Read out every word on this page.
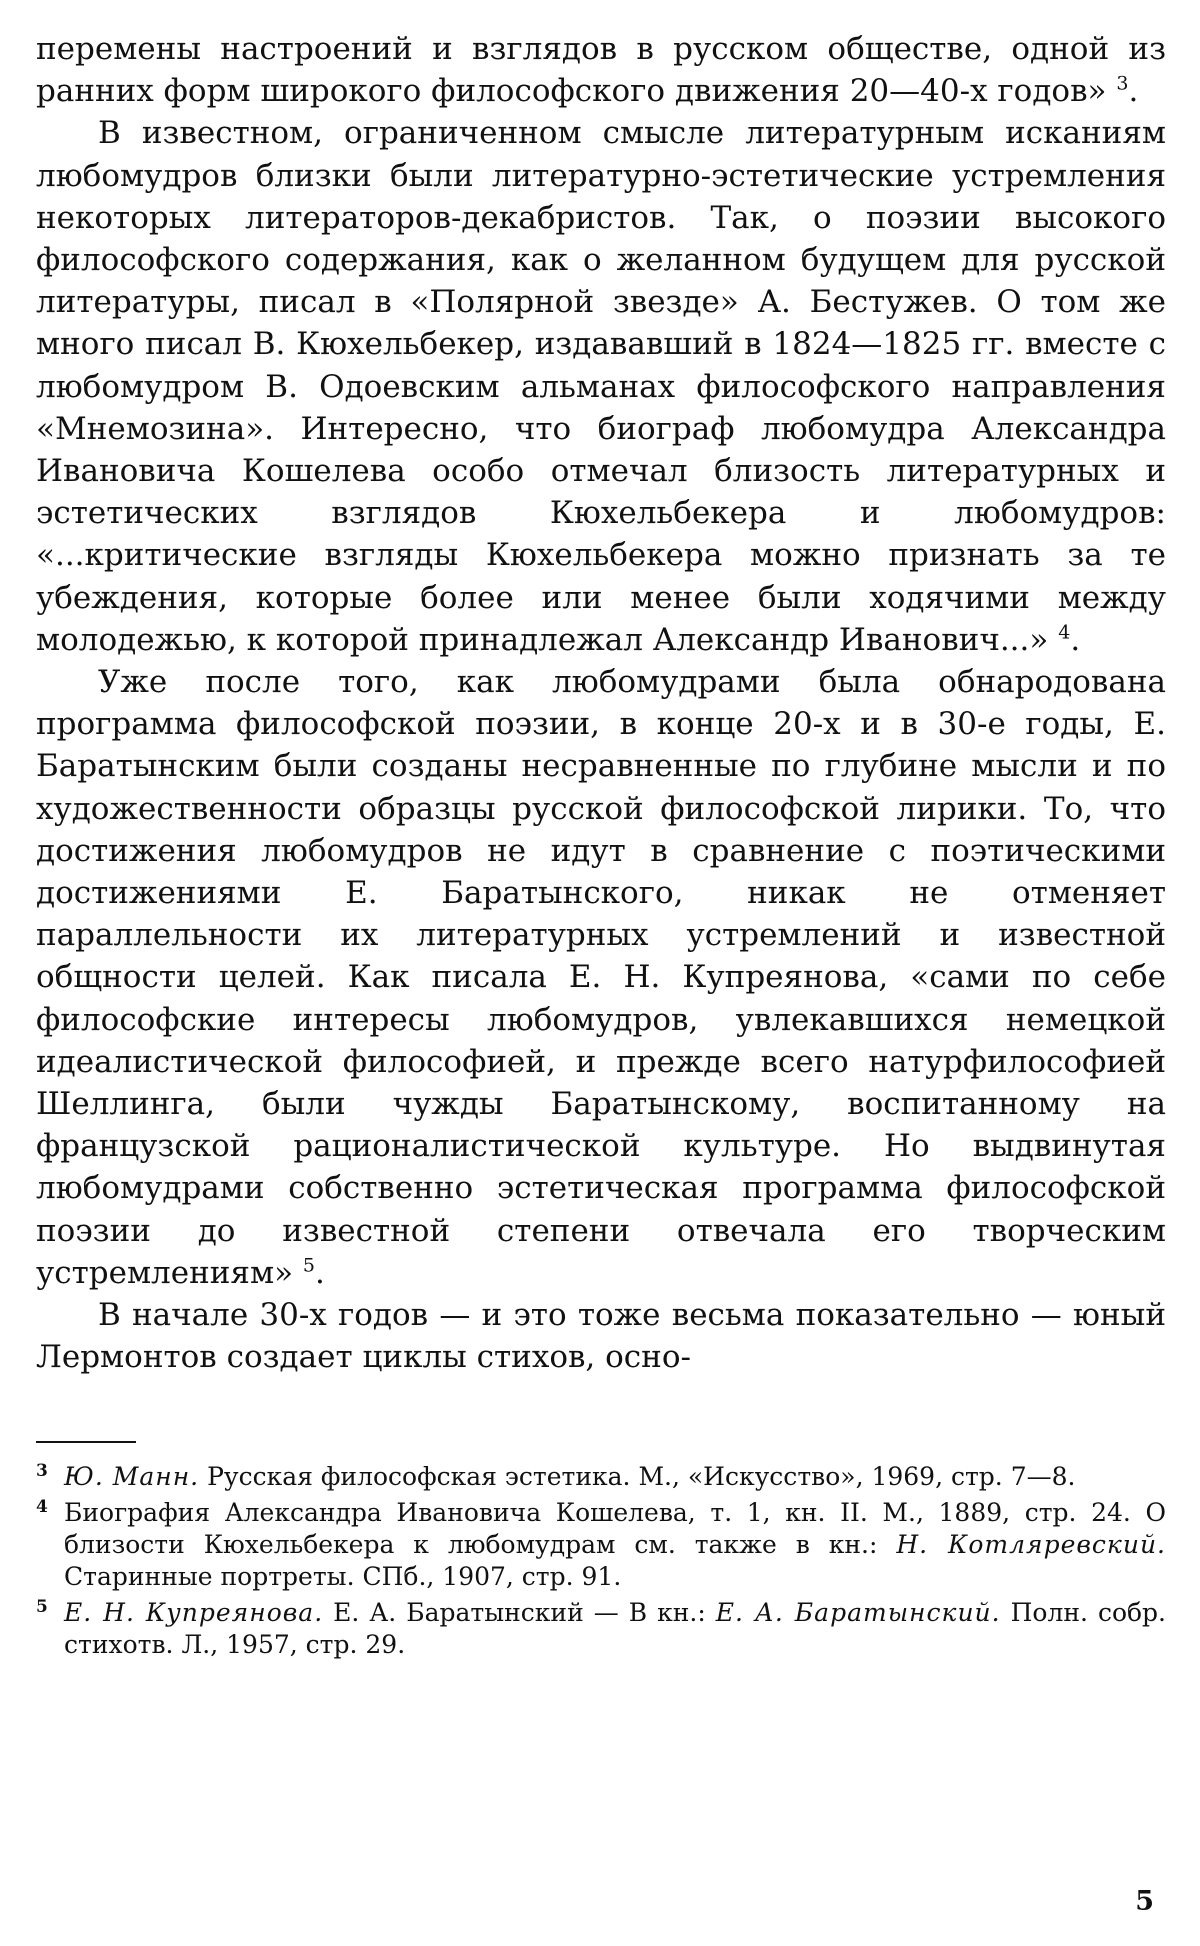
перемены настроений и взглядов в русском обществе, одной из ранних форм широкого философского движения 20—40-х годов» $^3$.

В известном, ограниченном смысле литературным исканиям любомудров близки были литературно-эстетические устремления некоторых литераторов-декабристов. Так, о поэзии высокого философского содержания, как о желанном будущем для русской литературы, писал в «Полярной звезде» А. Бестужев. О том же много писал В. Кюхельбекер, издававший в 1824—1825 гг. вместе с любомудром В. Одоевским альманах философского направления «Мнемозина». Интересно, что биограф любомудра Александра Ивановича Кошелева особо отмечал близость литературных и эстетических взглядов Кюхельбекера и любомудров: «...критические взгляды Кюхельбекера можно признать за те убеждения, которые более или менее были ходячими между молодежью, к которой принадлежал Александр Иванович...» $^4$.

Уже после того, как любомудрами была обнародована программа философской поэзии, в конце 20-х и в 30-е годы, Е. Баратынским были созданы несравненные по глубине мысли и по художественности образцы русской философской лирики. То, что достижения любомудров не идут в сравнение с поэтическими достижениями Е. Баратынского, никак не отменяет параллельности их литературных устремлений и известной общности целей. Как писала Е. Н. Купреянова, «сами по себе философские интересы любомудров, увлекавшихся немецкой идеалистической философией, и прежде всего натурфилософией Шеллинга, были чужды Баратынскому, воспитанному на французской рационалистической культуре. Но выдвинутая любомудрами собственно эстетическая программа философской поэзии до известной степени отвечала его творческим устремлениям» $^5$.

В начале 30-х годов — и это тоже весьма показательно — юный Лермонтов создает циклы стихов, осно-

3 Ю. Манн. Русская философская эстетика. М., «Искусство», 1969, стр. 7—8.
4 Биография Александра Ивановича Кошелева, т. 1, кн. II. М., 1889, стр. 24. О близости Кюхельбекера к любомудрам см. также в кн.: Н. Котляревский. Старинные портреты. СПб., 1907, стр. 91.
5 Е. Н. Купреянова. Е. А. Баратынский — В кн.: Е. А. Баратынский. Полн. собр. стихотв. Л., 1957, стр. 29.
5
